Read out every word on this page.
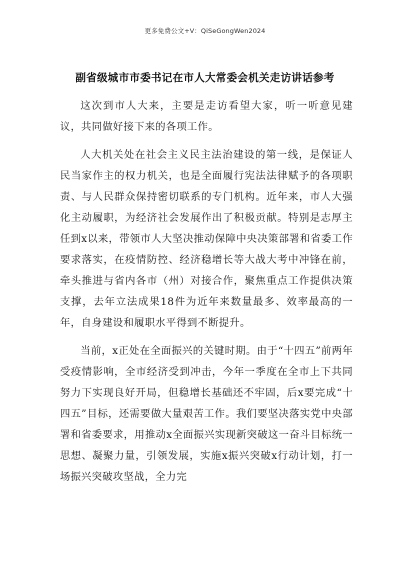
更多免费公文+V：QiSeGongWen2024
副省级城市市委书记在市人大常委会机关走访讲话参考

这次到市人大来，主要是走访看望大家，听一听意见建议，共同做好接下来的各项工作。

人大机关处在社会主义民主法治建设的第一线，是保证人民当家作主的权力机关，也是全面履行宪法法律赋予的各项职责、与人民群众保持密切联系的专门机构。近年来，市人大强化主动履职，为经济社会发展作出了积极贡献。特别是志厚主任到x以来，带领市人大坚决推动保障中央决策部署和省委工作要求落实，在疫情防控、经济稳增长等大战大考中冲锋在前，牵头推进与省内各市（州）对接合作，聚焦重点工作提供决策支撑，去年立法成果18件为近年来数量最多、效率最高的一年，自身建设和履职水平得到不断提升。

当前，x正处在全面振兴的关键时期。由于“十四五”前两年受疫情影响，全市经济受到冲击，今年一季度在全市上下共同努力下实现良好开局，但稳增长基础还不牢固，后x要完成“十四五”目标，还需要做大量艰苦工作。我们要坚决落实党中央部署和省委要求，用推动x全面振兴实现新突破这一奋斗目标统一思想、凝聚力量，引领发展，实施x振兴突破x行动计划，打一场振兴突破攻坚战，全力完
